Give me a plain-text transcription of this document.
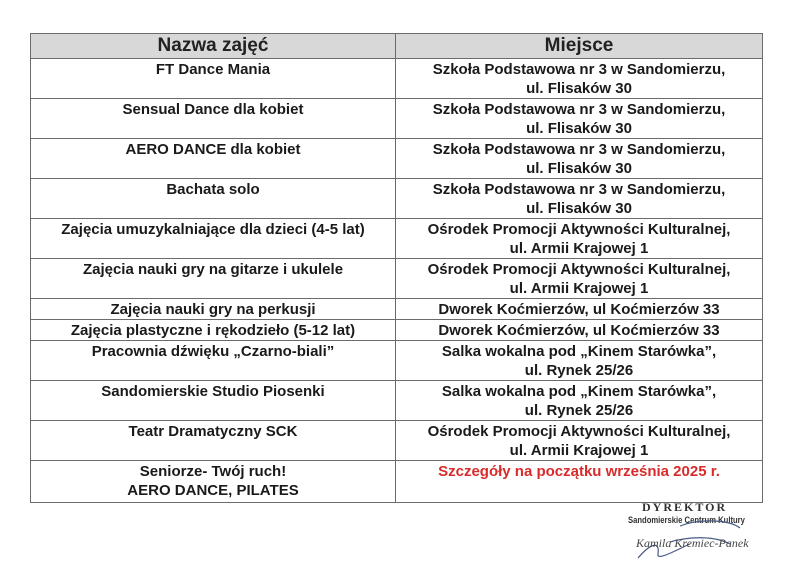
Nazwa zajęć	Miejsce

FT Dance Mania	Szkoła Podstawowa nr 3 w Sandomierzu,
ul. Flisaków 30

Sensual Dance dla kobiet	Szkoła Podstawowa nr 3 w Sandomierzu,
ul. Flisaków 30

AERO DANCE dla kobiet	Szkoła Podstawowa nr 3 w Sandomierzu,
ul. Flisaków 30

Bachata solo	Szkoła Podstawowa nr 3 w Sandomierzu,
ul. Flisaków 30

Zajęcia umuzykalniające dla dzieci (4-5 lat)	Ośrodek Promocji Aktywności Kulturalnej,
ul. Armii Krajowej 1

Zajęcia nauki gry na gitarze i ukulele	Ośrodek Promocji Aktywności Kulturalnej,
ul. Armii Krajowej 1

Zajęcia nauki gry na perkusji	Dworek Koćmierzów, ul Koćmierzów 33

Zajęcia plastyczne i rękodzieło (5-12 lat)	Dworek Koćmierzów, ul Koćmierzów 33

Pracownia dźwięku „Czarno-biali”	Salka wokalna pod „Kinem Starówka”,
ul. Rynek 25/26

Sandomierskie Studio Piosenki	Salka wokalna pod „Kinem Starówka”,
ul. Rynek 25/26

Teatr Dramatyczny SCK	Ośrodek Promocji Aktywności Kulturalnej,
ul. Armii Krajowej 1

Seniorze- Twój ruch!
AERO DANCE, PILATES	Szczegóły na początku września 2025 r.
DYREKTOR
Sandomierskie Centrum Kultury
Kamila Kremiec-Panek
